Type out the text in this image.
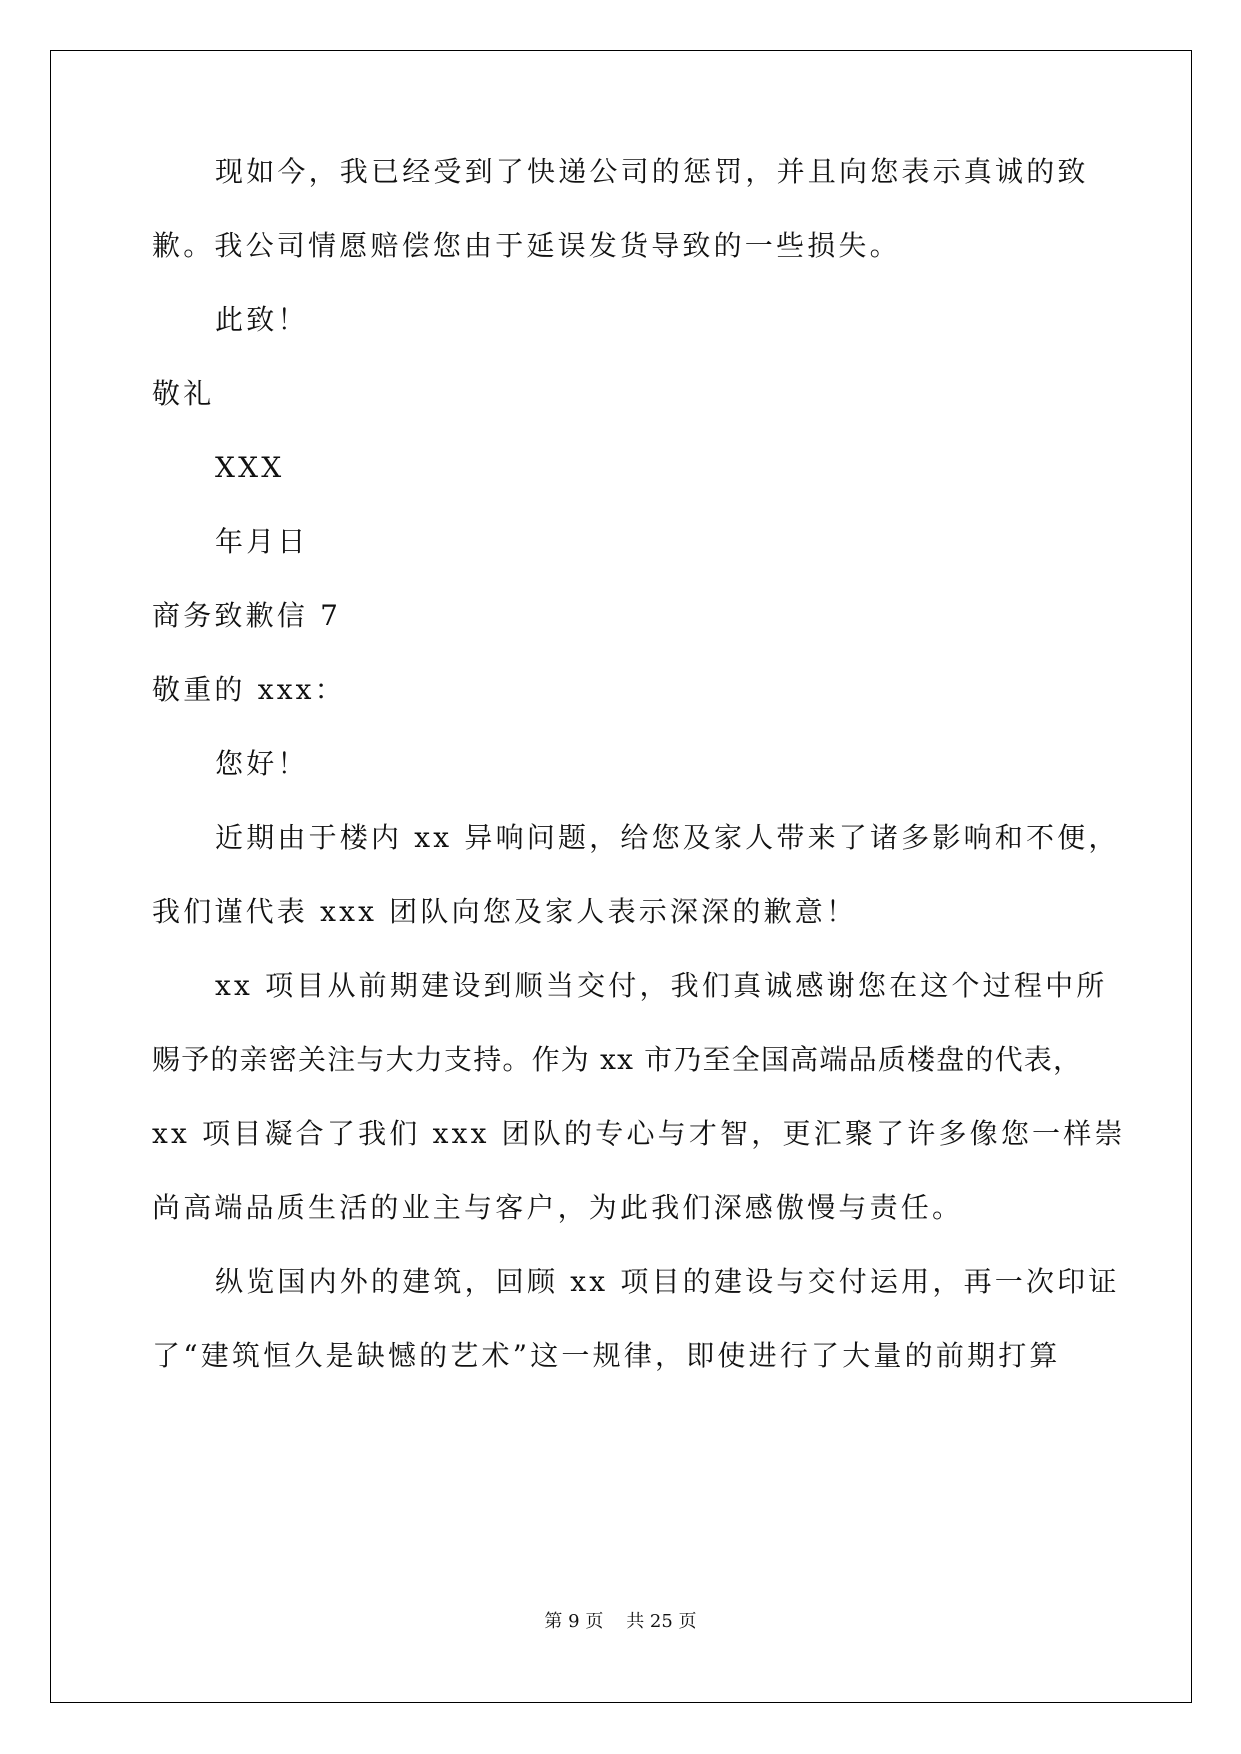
现如今，我已经受到了快递公司的惩罚，并且向您表示真诚的致
歉。我公司情愿赔偿您由于延误发货导致的一些损失。
此致！
敬礼
XXX
年月日
商务致歉信 7
敬重的 xxx：
您好！
近期由于楼内 xx 异响问题，给您及家人带来了诸多影响和不便，
我们谨代表 xxx 团队向您及家人表示深深的歉意！
xx 项目从前期建设到顺当交付，我们真诚感谢您在这个过程中所
赐予的亲密关注与大力支持。作为 xx 市乃至全国高端品质楼盘的代表，
xx 项目凝合了我们 xxx 团队的专心与才智，更汇聚了许多像您一样崇
尚高端品质生活的业主与客户，为此我们深感傲慢与责任。
纵览国内外的建筑，回顾 xx 项目的建设与交付运用，再一次印证
了“建筑恒久是缺憾的艺术”这一规律，即使进行了大量的前期打算
第 9 页    共 25 页
